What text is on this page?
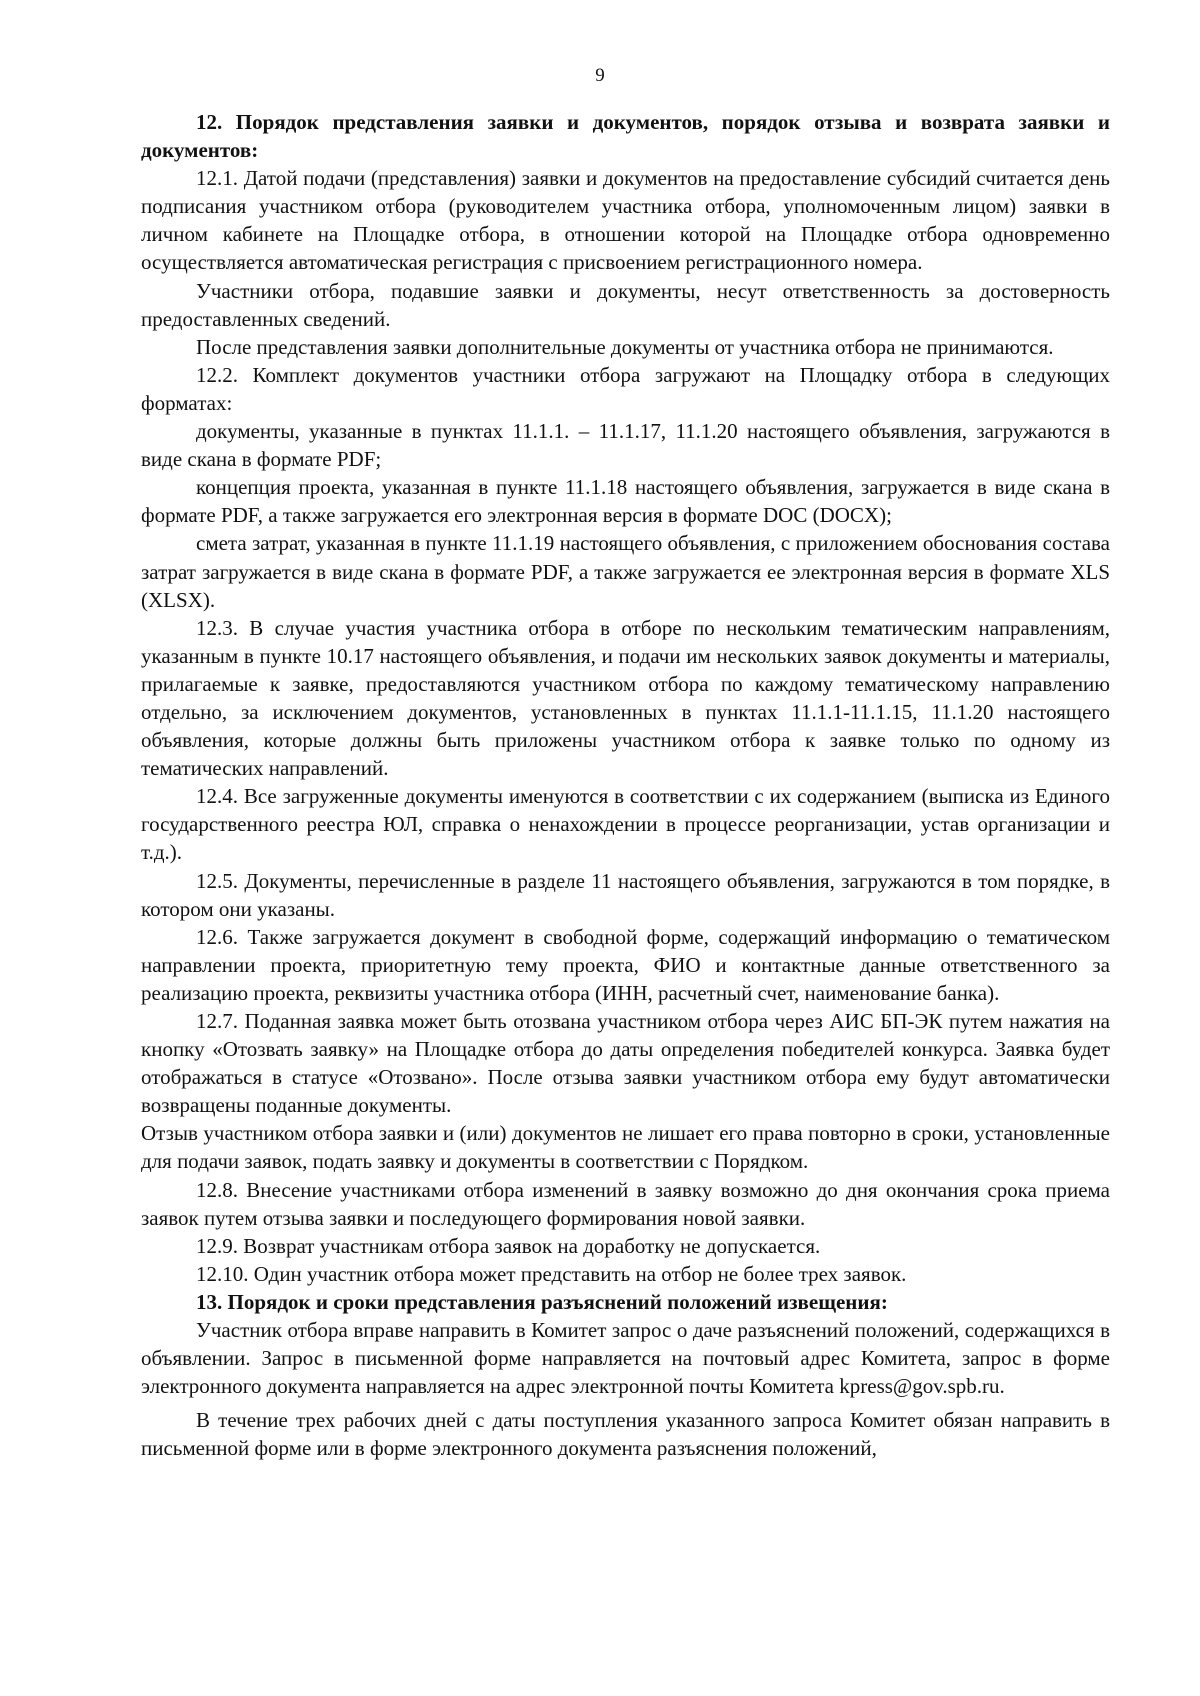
9

12. Порядок представления заявки и документов, порядок отзыва и возврата заявки и документов:

12.1. Датой подачи (представления) заявки и документов на предоставление субсидий считается день подписания участником отбора (руководителем участника отбора, уполномоченным лицом) заявки в личном кабинете на Площадке отбора, в отношении которой на Площадке отбора одновременно осуществляется автоматическая регистрация с присвоением регистрационного номера.

Участники отбора, подавшие заявки и документы, несут ответственность за достоверность предоставленных сведений.

После представления заявки дополнительные документы от участника отбора не принимаются.

12.2. Комплект документов участники отбора загружают на Площадку отбора в следующих форматах:

документы, указанные в пунктах 11.1.1. – 11.1.17, 11.1.20 настоящего объявления, загружаются в виде скана в формате PDF;

концепция проекта, указанная в пункте 11.1.18 настоящего объявления, загружается в виде скана в формате PDF, а также загружается его электронная версия в формате DOC (DOCX);

смета затрат, указанная в пункте 11.1.19 настоящего объявления, с приложением обоснования состава затрат загружается в виде скана в формате PDF, а также загружается ее электронная версия в формате XLS (XLSX).

12.3. В случае участия участника отбора в отборе по нескольким тематическим направлениям, указанным в пункте 10.17 настоящего объявления, и подачи им нескольких заявок документы и материалы, прилагаемые к заявке, предоставляются участником отбора по каждому тематическому направлению отдельно, за исключением документов, установленных в пунктах 11.1.1-11.1.15, 11.1.20 настоящего объявления, которые должны быть приложены участником отбора к заявке только по одному из тематических направлений.

12.4. Все загруженные документы именуются в соответствии с их содержанием (выписка из Единого государственного реестра ЮЛ, справка о ненахождении в процессе реорганизации, устав организации и т.д.).

12.5. Документы, перечисленные в разделе 11 настоящего объявления, загружаются в том порядке, в котором они указаны.

12.6. Также загружается документ в свободной форме, содержащий информацию о тематическом направлении проекта, приоритетную тему проекта, ФИО и контактные данные ответственного за реализацию проекта, реквизиты участника отбора (ИНН, расчетный счет, наименование банка).

12.7. Поданная заявка может быть отозвана участником отбора через АИС БП-ЭК путем нажатия на кнопку «Отозвать заявку» на Площадке отбора до даты определения победителей конкурса. Заявка будет отображаться в статусе «Отозвано». После отзыва заявки участником отбора ему будут автоматически возвращены поданные документы.

Отзыв участником отбора заявки и (или) документов не лишает его права повторно в сроки, установленные для подачи заявок, подать заявку и документы в соответствии с Порядком.

12.8. Внесение участниками отбора изменений в заявку возможно до дня окончания срока приема заявок путем отзыва заявки и последующего формирования новой заявки.

12.9. Возврат участникам отбора заявок на доработку не допускается.

12.10. Один участник отбора может представить на отбор не более трех заявок.

13. Порядок и сроки представления разъяснений положений извещения:

Участник отбора вправе направить в Комитет запрос о даче разъяснений положений, содержащихся в объявлении. Запрос в письменной форме направляется на почтовый адрес Комитета, запрос в форме электронного документа направляется на адрес электронной почты Комитета kpress@gov.spb.ru.

В течение трех рабочих дней с даты поступления указанного запроса Комитет обязан направить в письменной форме или в форме электронного документа разъяснения положений,
